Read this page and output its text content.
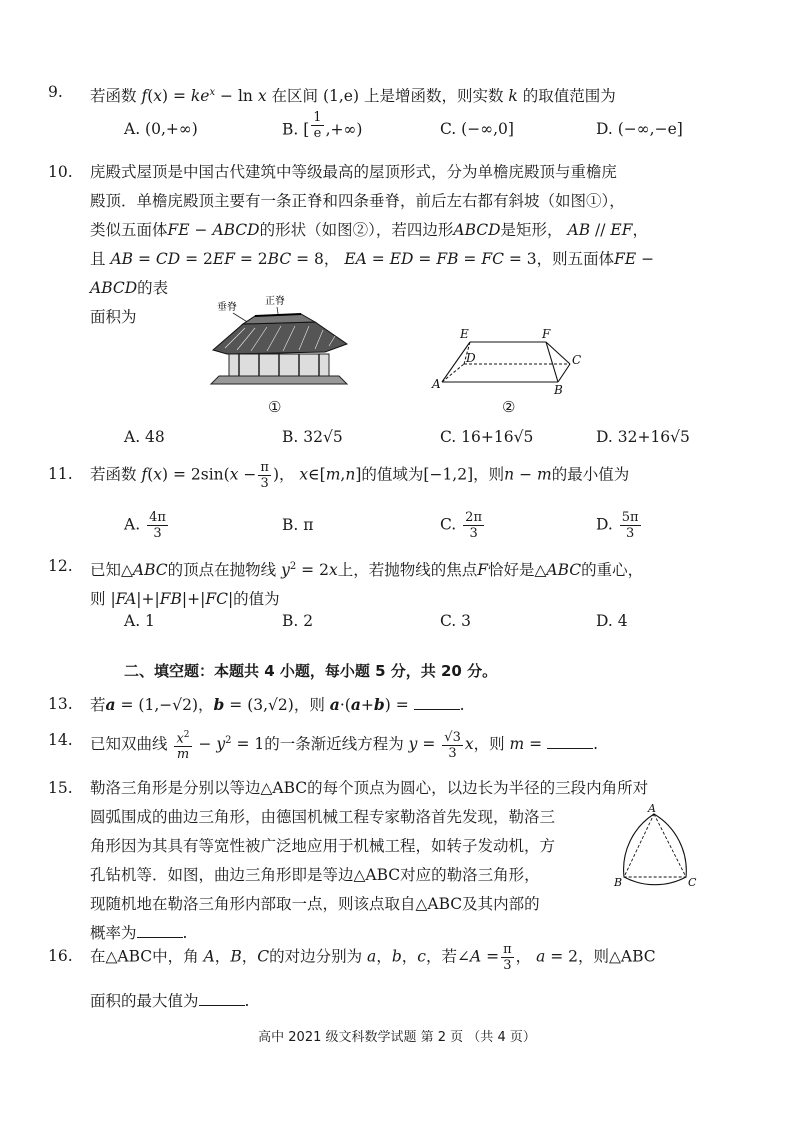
9. 若函数 $f(x) = ke^x - \ln x$ 在区间 (1,e) 上是增函数，则实数 k 的取值范围为
A. (0,+∞)	B. [ $\frac{1}{e}$ ,+∞)	C. (−∞,0]	D. (−∞,−e]
10. 庑殿式屋顶是中国古代建筑中等级最高的屋顶形式，分为单檐庑殿顶与重檐庑
殿顶．单檐庑殿顶主要有一条正脊和四条垂脊，前后左右都有斜坡（如图①），
类似五面体FE − ABCD的形状（如图②），若四边形ABCD是矩形， AB // EF，
且 AB = CD = 2EF = 2BC = 8， EA = ED = FB = FC = 3，则五面体FE − ABCD的表
面积为
垂脊
正脊
①
E	F
D	C
A	B
②
A. 48	B. 32√5	C. 16+16√5	D. 32+16√5
11. 若函数 $f(x) = 2\sin(x - \frac{\pi}{3}$ )， x∈[m,n]的值域为[−1,2]，则n − m的最小值为
A. $\frac{4\pi}{3}$	B. π	C. $\frac{2\pi}{3}$	D. $\frac{5\pi}{3}$
12. 已知△ABC的顶点在抛物线 $y^2 = 2x$上，若抛物线的焦点F恰好是△ABC的重心，
则 |FA|+|FB|+|FC|的值为
A. 1	B. 2	C. 3	D. 4
二、填空题：本题共 4 小题，每小题 5 分，共 20 分。
13. 若a = (1,−√2)，b = (3,√2)，则 a·(a+b) =	.
14. 已知双曲线 $\frac{x^2}{m} - y^2 = 1$的一条渐近线方程为 $y = \frac{√3}{3}$ x，则 m =	.
15. 勒洛三角形是分别以等边△ABC的每个顶点为圆心，以边长为半径的三段内角所对
圆弧围成的曲边三角形，由德国机械工程专家勒洛首先发现，勒洛三
角形因为其具有等宽性被广泛地应用于机械工程，如转子发动机，方
孔钻机等．如图，曲边三角形即是等边△ABC对应的勒洛三角形，
现随机地在勒洛三角形内部取一点，则该点取自△ABC及其内部的
概率为	.
A
B	C
16. 在△ABC中，角 A，B，C的对边分别为 a，b，c，若∠A = $\frac{\pi}{3}$ ， a = 2，则△ABC
面积的最大值为	.
高中 2021 级文科数学试题 第 2 页 （共 4 页）
